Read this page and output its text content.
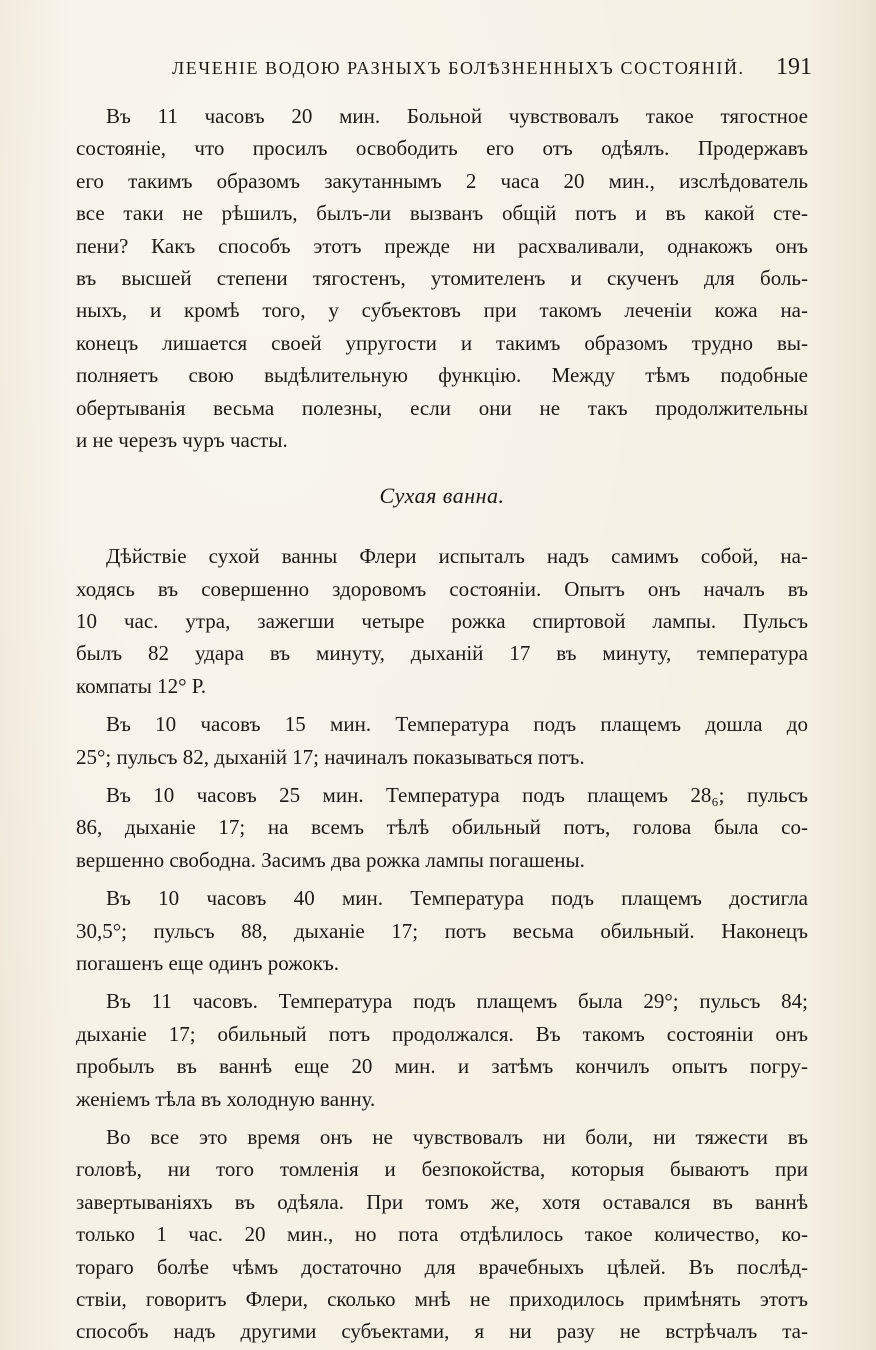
ЛЕЧЕНІЕ ВОДОЮ РАЗНЫХЪ БОЛѢЗНЕННЫХЪ СОСТОЯНІЙ. 191
Въ 11 часовъ 20 мин. Больной чувствовалъ такое тягостное
состояніе, что просилъ освободить его отъ одѣялъ. Продержавъ
его такимъ образомъ закутаннымъ 2 часа 20 мин., изслѣдователь
все таки не рѣшилъ, былъ-ли вызванъ общій потъ и въ какой сте-
пени? Какъ способъ этотъ прежде ни расхваливали, однакожъ онъ
въ высшей степени тягостенъ, утомителенъ и скученъ для боль-
ныхъ, и кромѣ того, у субъектовъ при такомъ леченіи кожа на-
конецъ лишается своей упругости и такимъ образомъ трудно вы-
полняетъ свою выдѣлительную функцію. Между тѣмъ подобные
обертыванія весьма полезны, если они не такъ продолжительны
и не черезъ чуръ часты.
Сухая ванна.
Дѣйствіе сухой ванны Флери испыталъ надъ самимъ собой, на-
ходясь въ совершенно здоровомъ состояніи. Опытъ онъ началъ въ
10 час. утра, зажегши четыре рожка спиртовой лампы. Пульсъ
былъ 82 удара въ минуту, дыханій 17 въ минуту, температура
компаты 12° Р.
Въ 10 часовъ 15 мин. Температура подъ плащемъ дошла до
25°; пульсъ 82, дыханій 17; начиналъ показываться потъ.
Въ 10 часовъ 25 мин. Температура подъ плащемъ 28₆; пульсъ
86, дыханіе 17; на всемъ тѣлѣ обильный потъ, голова была со-
вершенно свободна. Засимъ два рожка лампы погашены.
Въ 10 часовъ 40 мин. Температура подъ плащемъ достигла
30,5°; пульсъ 88, дыханіе 17; потъ весьма обильный. Наконецъ
погашенъ еще одинъ рожокъ.
Въ 11 часовъ. Температура подъ плащемъ была 29°; пульсъ 84;
дыханіе 17; обильный потъ продолжался. Въ такомъ состояніи онъ
пробылъ въ ваннѣ еще 20 мин. и затѣмъ кончилъ опытъ погру-
женіемъ тѣла въ холодную ванну.
Во все это время онъ не чувствовалъ ни боли, ни тяжести въ
головѣ, ни того томленія и безпокойства, которыя бываютъ при
завертываніяхъ въ одѣяла. При томъ же, хотя оставался въ ваннѣ
только 1 час. 20 мин., но пота отдѣлилось такое количество, ко-
тораго болѣе чѣмъ достаточно для врачебныхъ цѣлей. Въ послѣд-
ствіи, говоритъ Флери, сколько мнѣ не приходилось примѣнять этотъ
способъ надъ другими субъектами, я ни разу не встрѣчалъ та-
